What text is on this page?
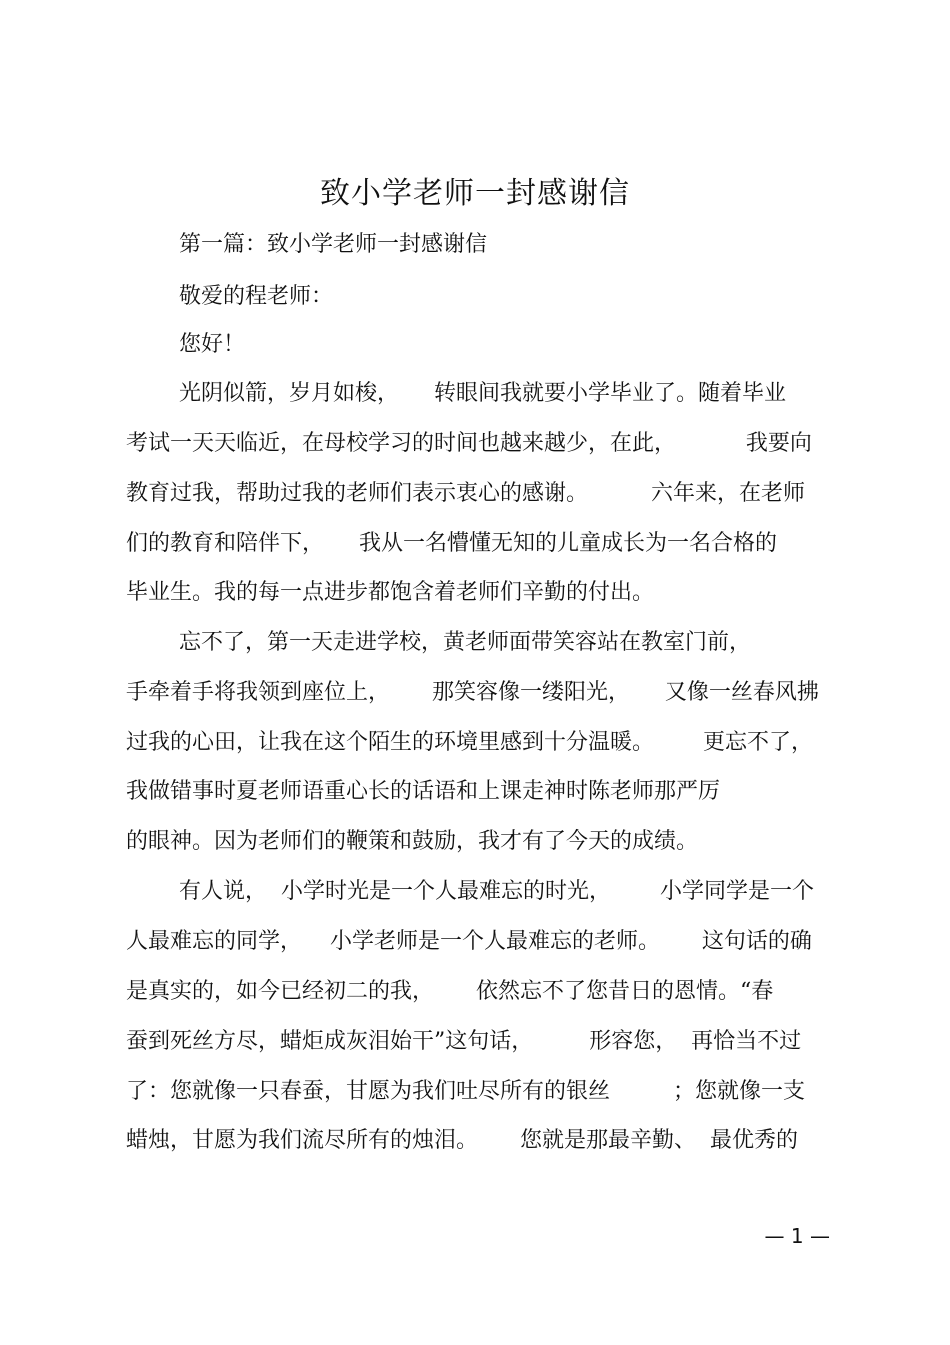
致小学老师一封感谢信
第一篇：致小学老师一封感谢信
敬爱的程老师：
您好！
光阴似箭，岁月如梭，     转眼间我就要小学毕业了。随着毕业
考试一天天临近，在母校学习的时间也越来越少，在此，          我要向
教育过我，帮助过我的老师们表示衷心的感谢。         六年来，在老师
们的教育和陪伴下，     我从一名懵懂无知的儿童成长为一名合格的
毕业生。我的每一点进步都饱含着老师们辛勤的付出。
忘不了，第一天走进学校，黄老师面带笑容站在教室门前，
手牵着手将我领到座位上，      那笑容像一缕阳光，     又像一丝春风拂
过我的心田，让我在这个陌生的环境里感到十分温暖。       更忘不了，
我做错事时夏老师语重心长的话语和上课走神时陈老师那严厉
的眼神。因为老师们的鞭策和鼓励，我才有了今天的成绩。
有人说，  小学时光是一个人最难忘的时光，       小学同学是一个
人最难忘的同学，    小学老师是一个人最难忘的老师。      这句话的确
是真实的，如今已经初二的我，      依然忘不了您昔日的恩情。“春
蚕到死丝方尽，蜡炬成灰泪始干”这句话，        形容您，  再恰当不过
了：您就像一只春蚕，甘愿为我们吐尽所有的银丝         ；您就像一支
蜡烛，甘愿为我们流尽所有的烛泪。      您就是那最辛勤、  最优秀的
— 1 —
